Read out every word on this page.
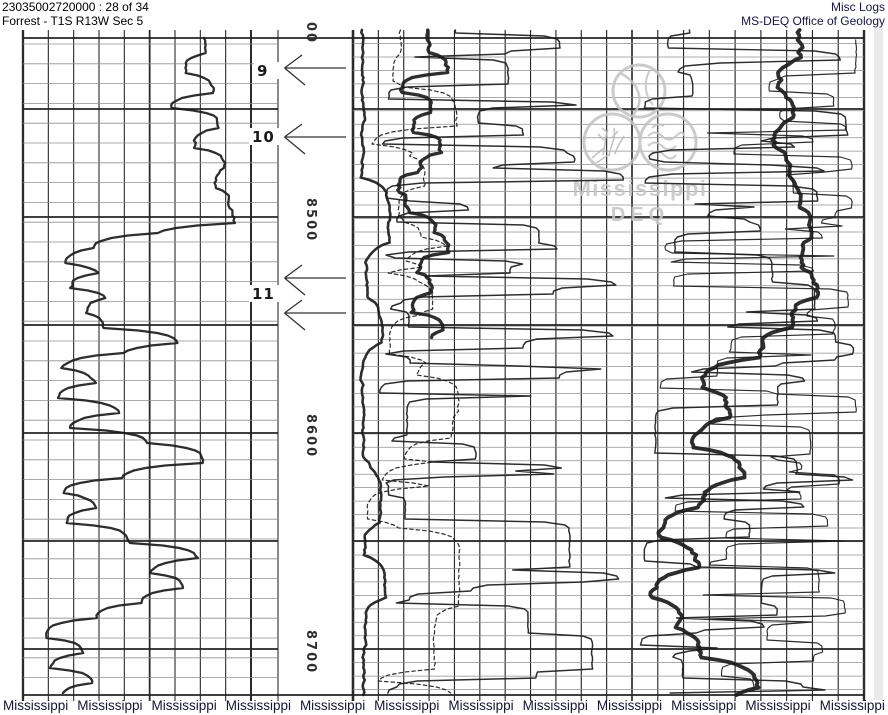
23035002720000 : 28 of 34
Forrest - T1S R13W Sec 5
Misc Logs
MS-DEQ Office of Geology
Mississippi
DEQ
00
8500
8600
8700
9
10
11
Mississippi Mississippi Mississippi Mississippi Mississippi Mississippi Mississippi Mississippi Mississippi Mississippi Mississippi Mississippi
